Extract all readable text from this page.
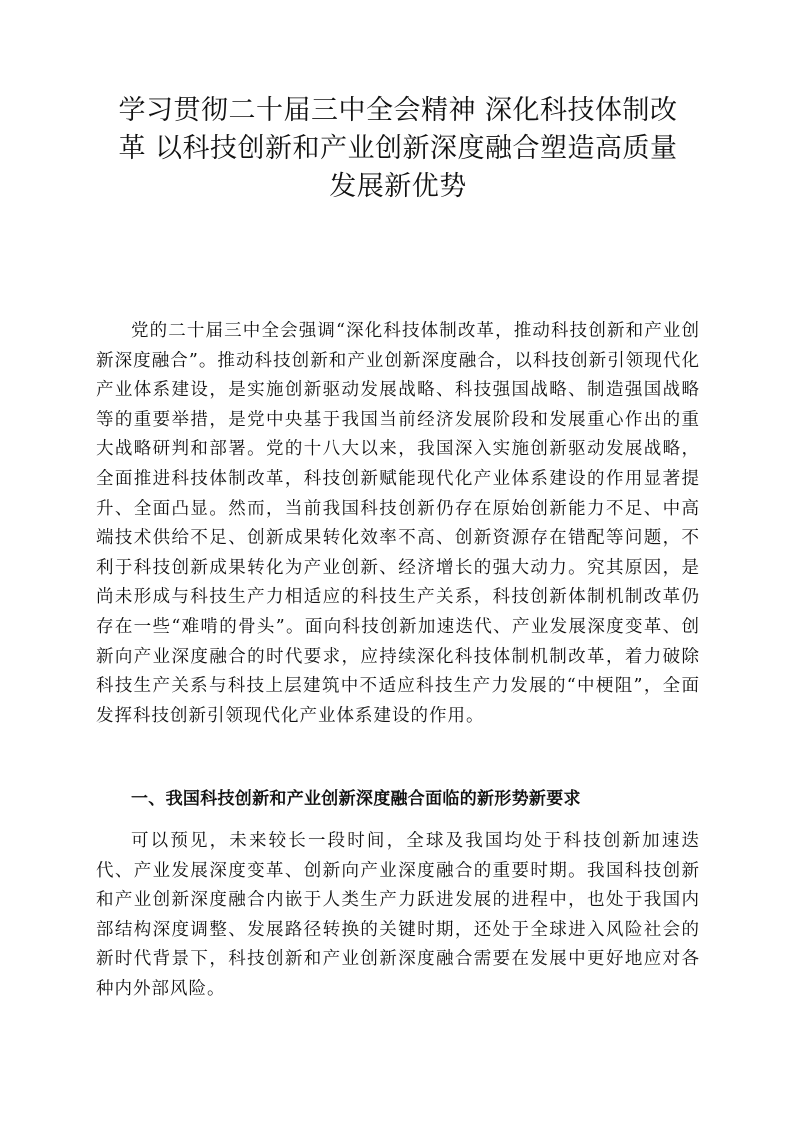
学习贯彻二十届三中全会精神 深化科技体制改
革 以科技创新和产业创新深度融合塑造高质量
发展新优势

党的二十届三中全会强调“深化科技体制改革，推动科技创新和产业创新深度融合”。推动科技创新和产业创新深度融合，以科技创新引领现代化产业体系建设，是实施创新驱动发展战略、科技强国战略、制造强国战略等的重要举措，是党中央基于我国当前经济发展阶段和发展重心作出的重大战略研判和部署。党的十八大以来，我国深入实施创新驱动发展战略，全面推进科技体制改革，科技创新赋能现代化产业体系建设的作用显著提升、全面凸显。然而，当前我国科技创新仍存在原始创新能力不足、中高端技术供给不足、创新成果转化效率不高、创新资源存在错配等问题，不利于科技创新成果转化为产业创新、经济增长的强大动力。究其原因，是尚未形成与科技生产力相适应的科技生产关系，科技创新体制机制改革仍存在一些“难啃的骨头”。面向科技创新加速迭代、产业发展深度变革、创新向产业深度融合的时代要求，应持续深化科技体制机制改革，着力破除科技生产关系与科技上层建筑中不适应科技生产力发展的“中梗阻”，全面发挥科技创新引领现代化产业体系建设的作用。

一、我国科技创新和产业创新深度融合面临的新形势新要求

可以预见，未来较长一段时间，全球及我国均处于科技创新加速迭代、产业发展深度变革、创新向产业深度融合的重要时期。我国科技创新和产业创新深度融合内嵌于人类生产力跃进发展的进程中，也处于我国内部结构深度调整、发展路径转换的关键时期，还处于全球进入风险社会的新时代背景下，科技创新和产业创新深度融合需要在发展中更好地应对各种内外部风险。
